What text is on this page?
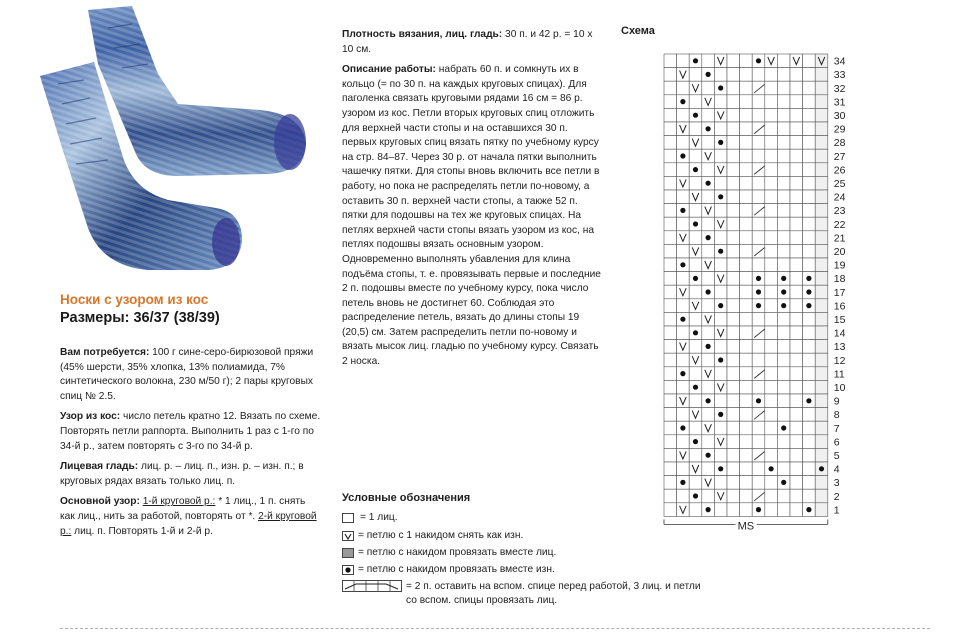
Носки с узором из кос
Размеры: 36/37 (38/39)

Вам потребуется: 100 г сине-серо-бирюзовой пряжи (45% шерсти, 35% хлопка, 13% полиамида, 7% синтетического волокна, 230 м/50 г); 2 пары круговых спиц № 2.5.

Узор из кос: число петель кратно 12. Вязать по схеме. Повторять петли раппорта. Выполнить 1 раз с 1-го по 34-й р., затем повторять с 3-го по 34-й р.

Лицевая гладь: лиц. р. – лиц. п., изн. р. – изн. п.; в круговых рядах вязать только лиц. п.

Основной узор: 1-й круговой р.: * 1 лиц., 1 п. снять как лиц., нить за работой, повторять от *. 2-й круговой р.: лиц. п. Повторять 1-й и 2-й р.

Плотность вязания, лиц. гладь: 30 п. и 42 р. = 10 х 10 см.

Описание работы: набрать 60 п. и сомкнуть их в кольцо (= по 30 п. на каждых круговых спицах). Для паголенка связать круговыми рядами 16 см = 86 р. узором из кос. Петли вторых круговых спиц отложить для верхней части стопы и на оставшихся 30 п. первых круговых спиц вязать пятку по учебному курсу на стр. 84–87. Через 30 р. от начала пятки выполнить чашечку пятки. Для стопы вновь включить все петли в работу, но пока не распределять петли по-новому, а оставить 30 п. верхней части стопы, а также 52 п. пятки для подошвы на тех же круговых спицах. На петлях верхней части стопы вязать узором из кос, на петлях подошвы вязать основным узором. Одновременно выполнять убавления для клина подъёма стопы, т. е. провязывать первые и последние 2 п. подошвы вместе по учебному курсу, пока число петель вновь не достигнет 60. Соблюдая это распределение петель, вязать до длины стопы 19 (20,5) см. Затем распределить петли по-новому и вязать мысок лиц. гладью по учебному курсу. Связать 2 носка.

Условные обозначения
= 1 лиц.
= петлю с 1 накидом снять как изн.
= петлю с накидом провязать вместе лиц.
= петлю с накидом провязать вместе изн.
= 2 п. оставить на вспом. спице перед работой, 3 лиц. и петли со вспом. спицы провязать лиц.
Схема
34
33
32
31
30
29
28
27
26
25
24
23
22
21
20
19
18
17
16
15
14
13
12
11
10
9
8
7
6
5
4
3
2
1
MS
